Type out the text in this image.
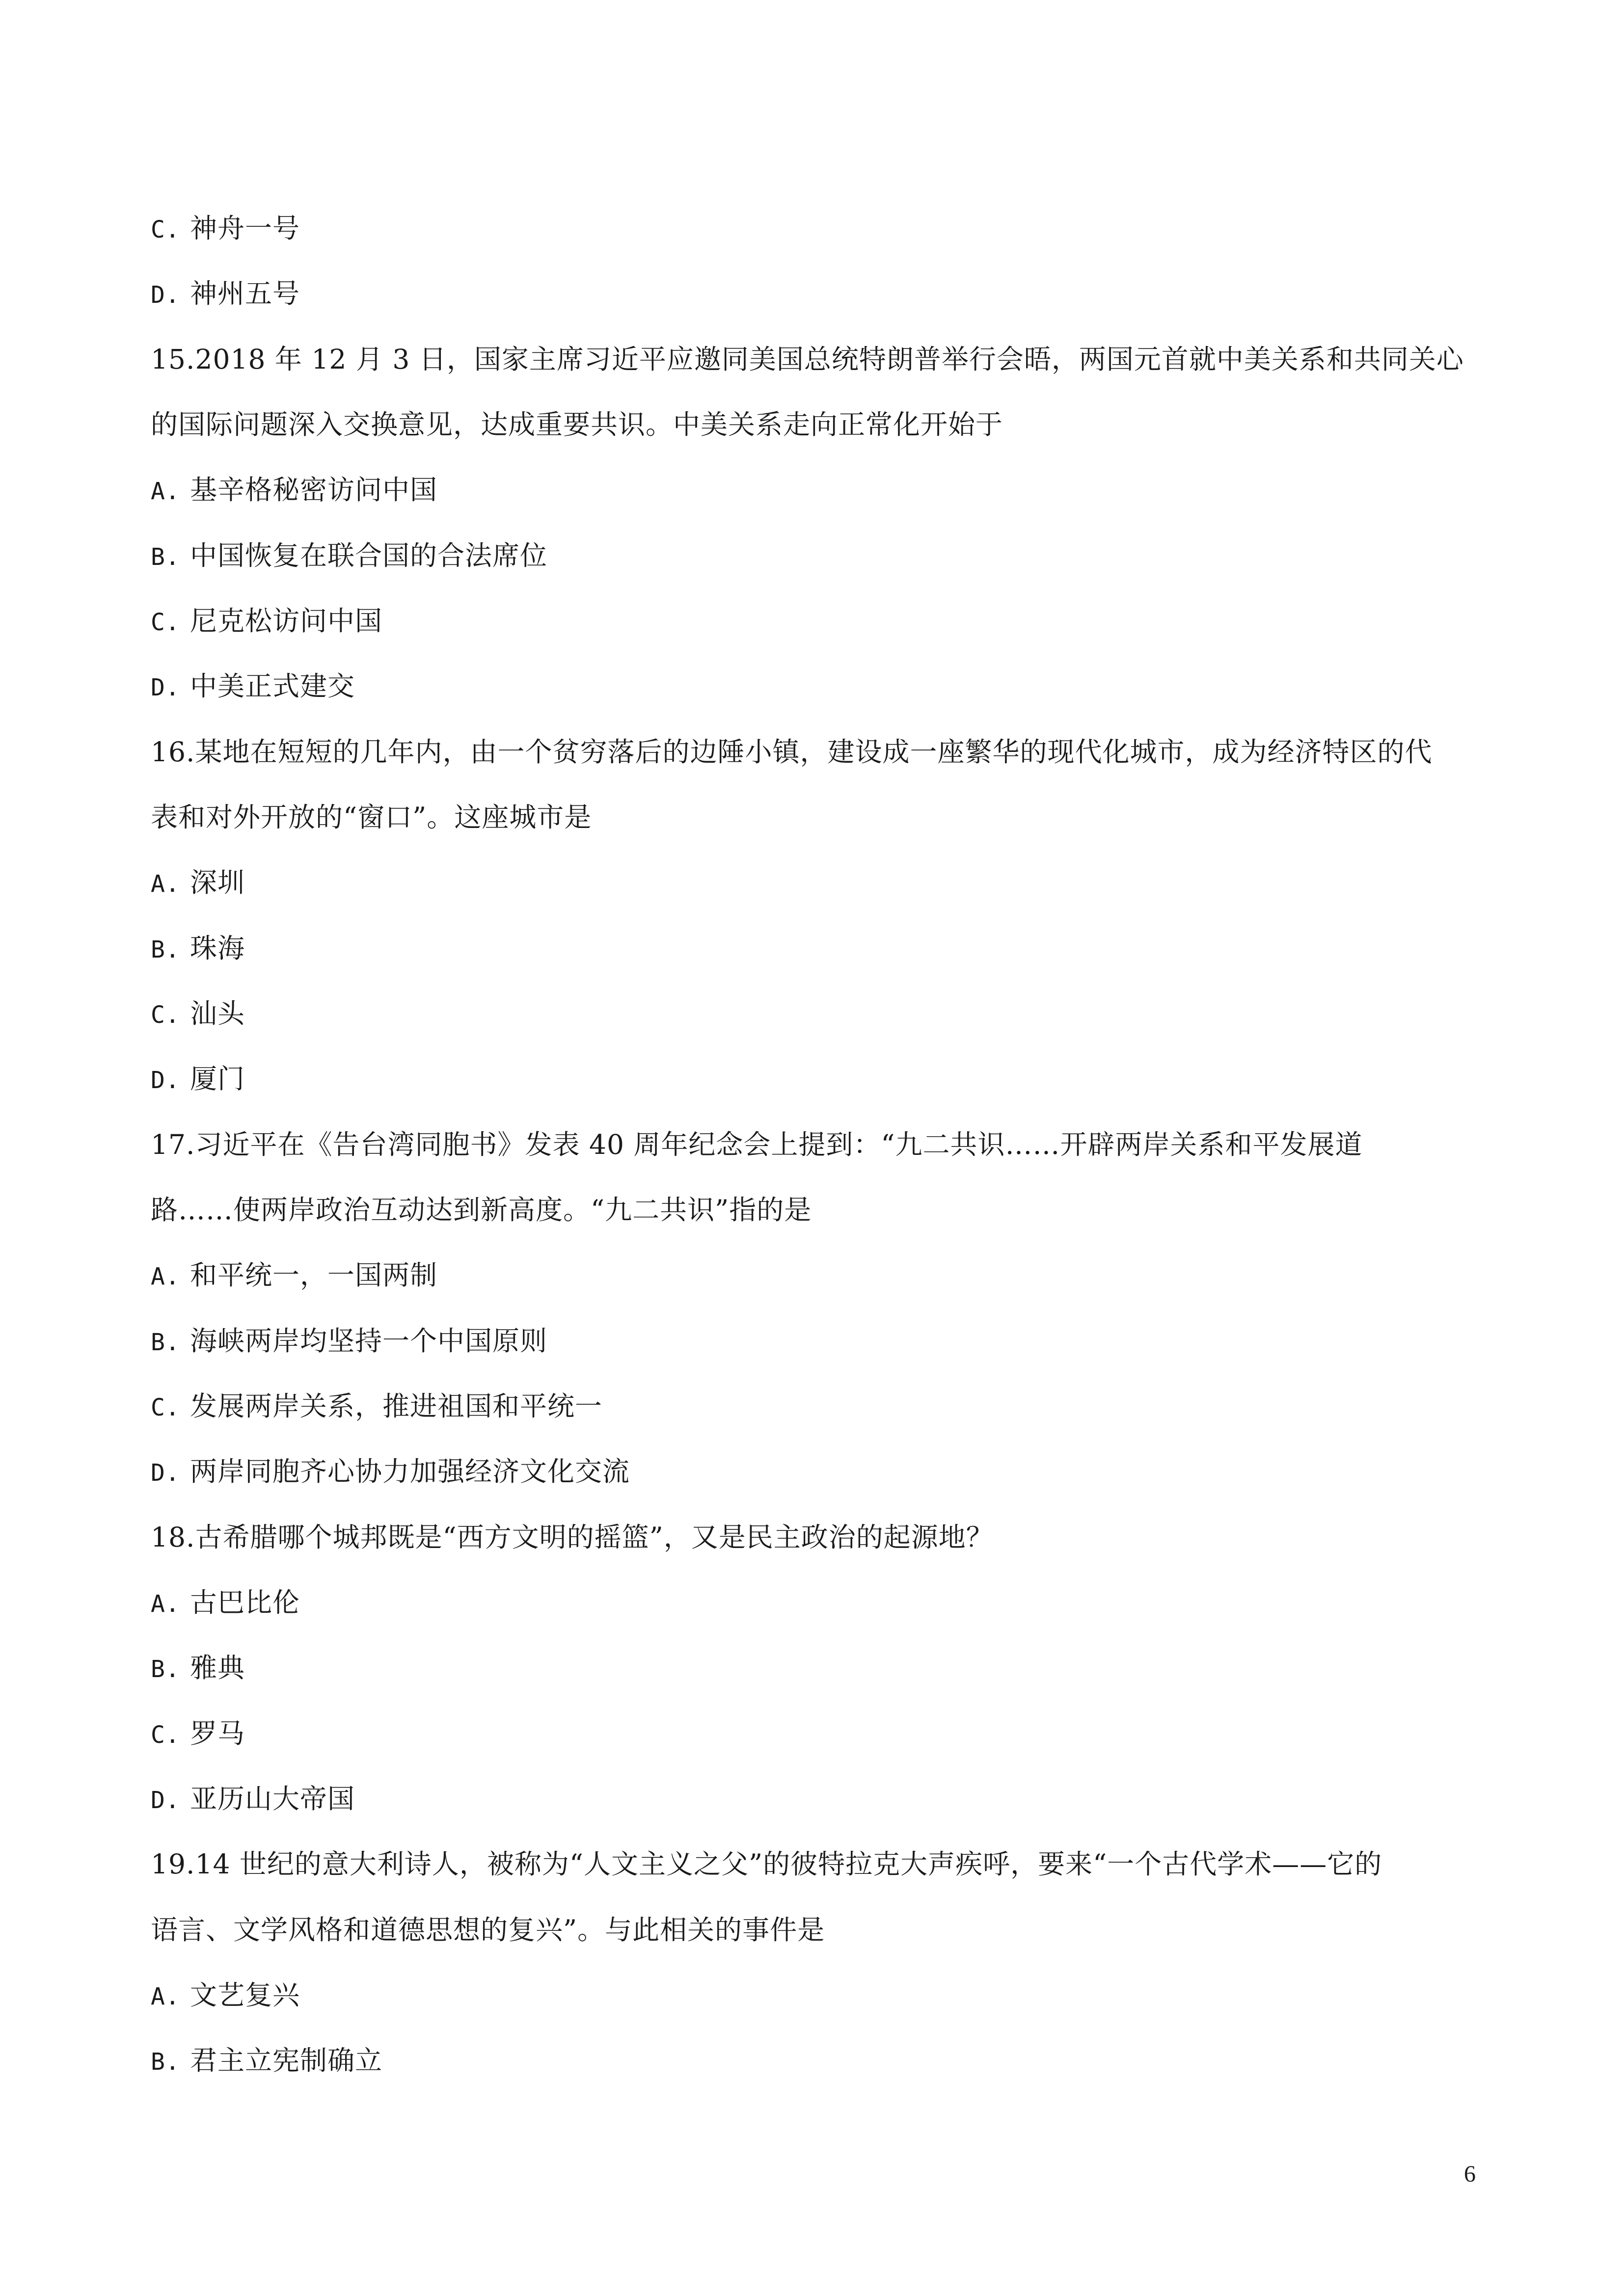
C. 神舟一号
D. 神州五号
15.2018 年 12 月 3 日，国家主席习近平应邀同美国总统特朗普举行会晤，两国元首就中美关系和共同关心
的国际问题深入交换意见，达成重要共识。中美关系走向正常化开始于
A. 基辛格秘密访问中国
B. 中国恢复在联合国的合法席位
C. 尼克松访问中国
D. 中美正式建交
16.某地在短短的几年内，由一个贫穷落后的边陲小镇，建设成一座繁华的现代化城市，成为经济特区的代
表和对外开放的“窗口”。这座城市是
A. 深圳
B. 珠海
C. 汕头
D. 厦门
17.习近平在《告台湾同胞书》发表 40 周年纪念会上提到：“九二共识……开辟两岸关系和平发展道
路……使两岸政治互动达到新高度。“九二共识”指的是
A. 和平统一，一国两制
B. 海峡两岸均坚持一个中国原则
C. 发展两岸关系，推进祖国和平统一
D. 两岸同胞齐心协力加强经济文化交流
18.古希腊哪个城邦既是“西方文明的摇篮”，又是民主政治的起源地？
A. 古巴比伦
B. 雅典
C. 罗马
D. 亚历山大帝国
19.14 世纪的意大利诗人，被称为“人文主义之父”的彼特拉克大声疾呼，要来“一个古代学术——它的
语言、文学风格和道德思想的复兴”。与此相关的事件是
A. 文艺复兴
B. 君主立宪制确立
6
